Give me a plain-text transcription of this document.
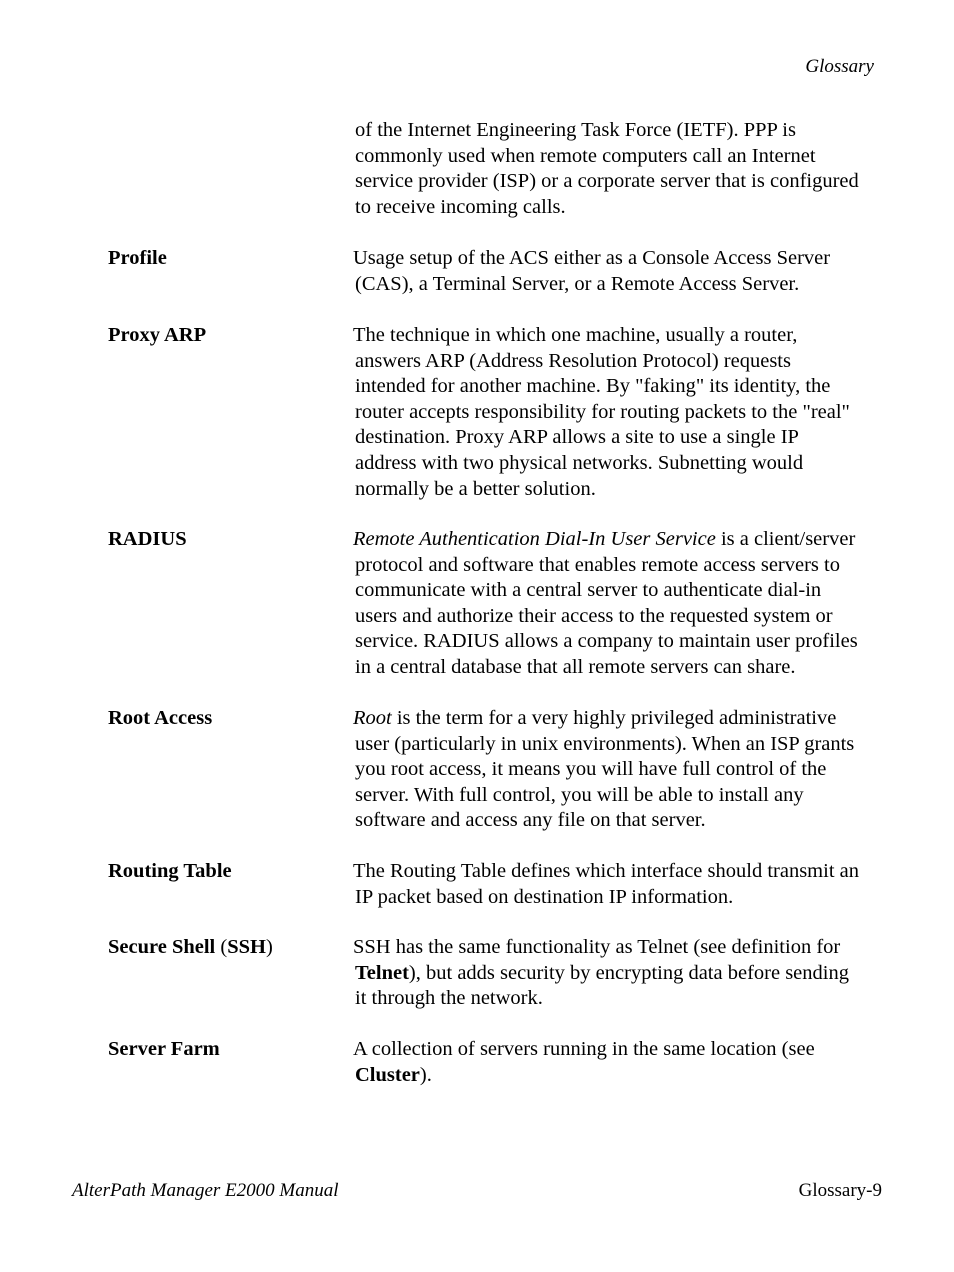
Glossary
of the Internet Engineering Task Force (IETF). PPP is
commonly used when remote computers call an Internet
service provider (ISP) or a corporate server that is configured
to receive incoming calls.
Profile	Usage setup of the ACS either as a Console Access Server
(CAS), a Terminal Server, or a Remote Access Server.
Proxy ARP	The technique in which one machine, usually a router,
answers ARP (Address Resolution Protocol) requests
intended for another machine. By "faking" its identity, the
router accepts responsibility for routing packets to the "real"
destination. Proxy ARP allows a site to use a single IP
address with two physical networks. Subnetting would
normally be a better solution.
RADIUS	Remote Authentication Dial-In User Service is a client/server
protocol and software that enables remote access servers to
communicate with a central server to authenticate dial-in
users and authorize their access to the requested system or
service. RADIUS allows a company to maintain user profiles
in a central database that all remote servers can share.
Root Access	Root is the term for a very highly privileged administrative
user (particularly in unix environments). When an ISP grants
you root access, it means you will have full control of the
server. With full control, you will be able to install any
software and access any file on that server.
Routing Table	The Routing Table defines which interface should transmit an
IP packet based on destination IP information.
Secure Shell (SSH)	SSH has the same functionality as Telnet (see definition for
Telnet), but adds security by encrypting data before sending
it through the network.
Server Farm	A collection of servers running in the same location (see
Cluster).
AlterPath Manager E2000 Manual	Glossary-9
